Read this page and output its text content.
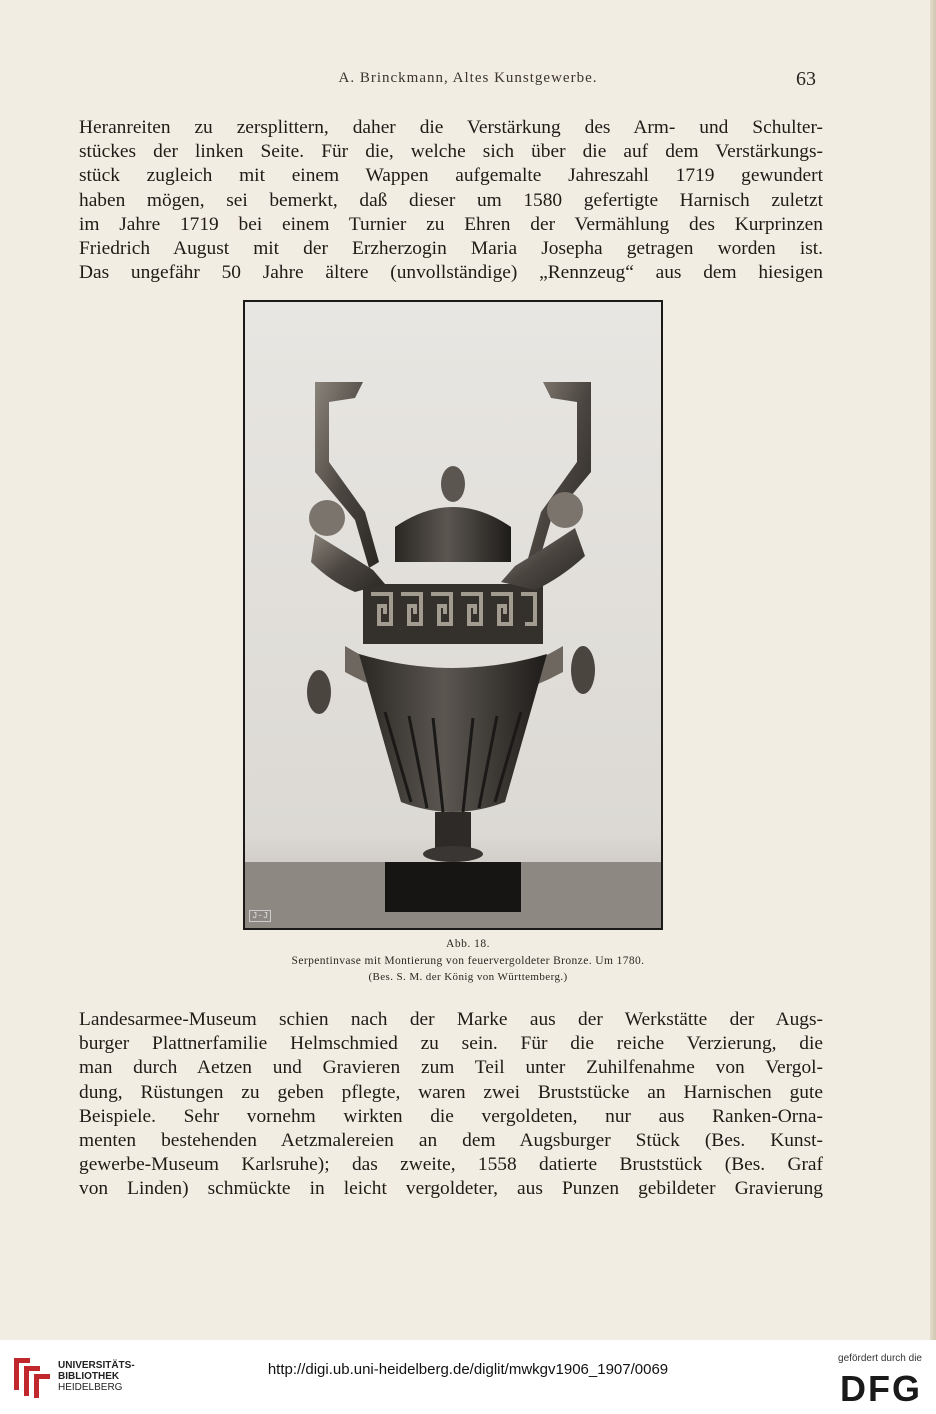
A. Brinckmann, Altes Kunstgewerbe.	63
Heranreiten zu zersplittern, daher die Verstärkung des Arm- und Schulter-
stückes der linken Seite. Für die, welche sich über die auf dem Verstärkungs-
stück zugleich mit einem Wappen aufgemalte Jahreszahl 1719 gewundert
haben mögen, sei bemerkt, daß dieser um 1580 gefertigte Harnisch zuletzt
im Jahre 1719 bei einem Turnier zu Ehren der Vermählung des Kurprinzen
Friedrich August mit der Erzherzogin Maria Josepha getragen worden ist.
Das ungefähr 50 Jahre ältere (unvollständige) „Rennzeug“ aus dem hiesigen
J-J
Abb. 18.
Serpentinvase mit Montierung von feuervergoldeter Bronze. Um 1780.
(Bes. S. M. der König von Württemberg.)
Landesarmee-Museum schien nach der Marke aus der Werkstätte der Augs-
burger Plattnerfamilie Helmschmied zu sein. Für die reiche Verzierung, die
man durch Aetzen und Gravieren zum Teil unter Zuhilfenahme von Vergol-
dung, Rüstungen zu geben pflegte, waren zwei Bruststücke an Harnischen gute
Beispiele. Sehr vornehm wirkten die vergoldeten, nur aus Ranken-Orna-
menten bestehenden Aetzmalereien an dem Augsburger Stück (Bes. Kunst-
gewerbe-Museum Karlsruhe); das zweite, 1558 datierte Bruststück (Bes. Graf
von Linden) schmückte in leicht vergoldeter, aus Punzen gebildeter Gravierung
UNIVERSITÄTS-
BIBLIOTHEK
HEIDELBERG
http://digi.ub.uni-heidelberg.de/diglit/mwkgv1906_1907/0069
gefördert durch die
DFG
